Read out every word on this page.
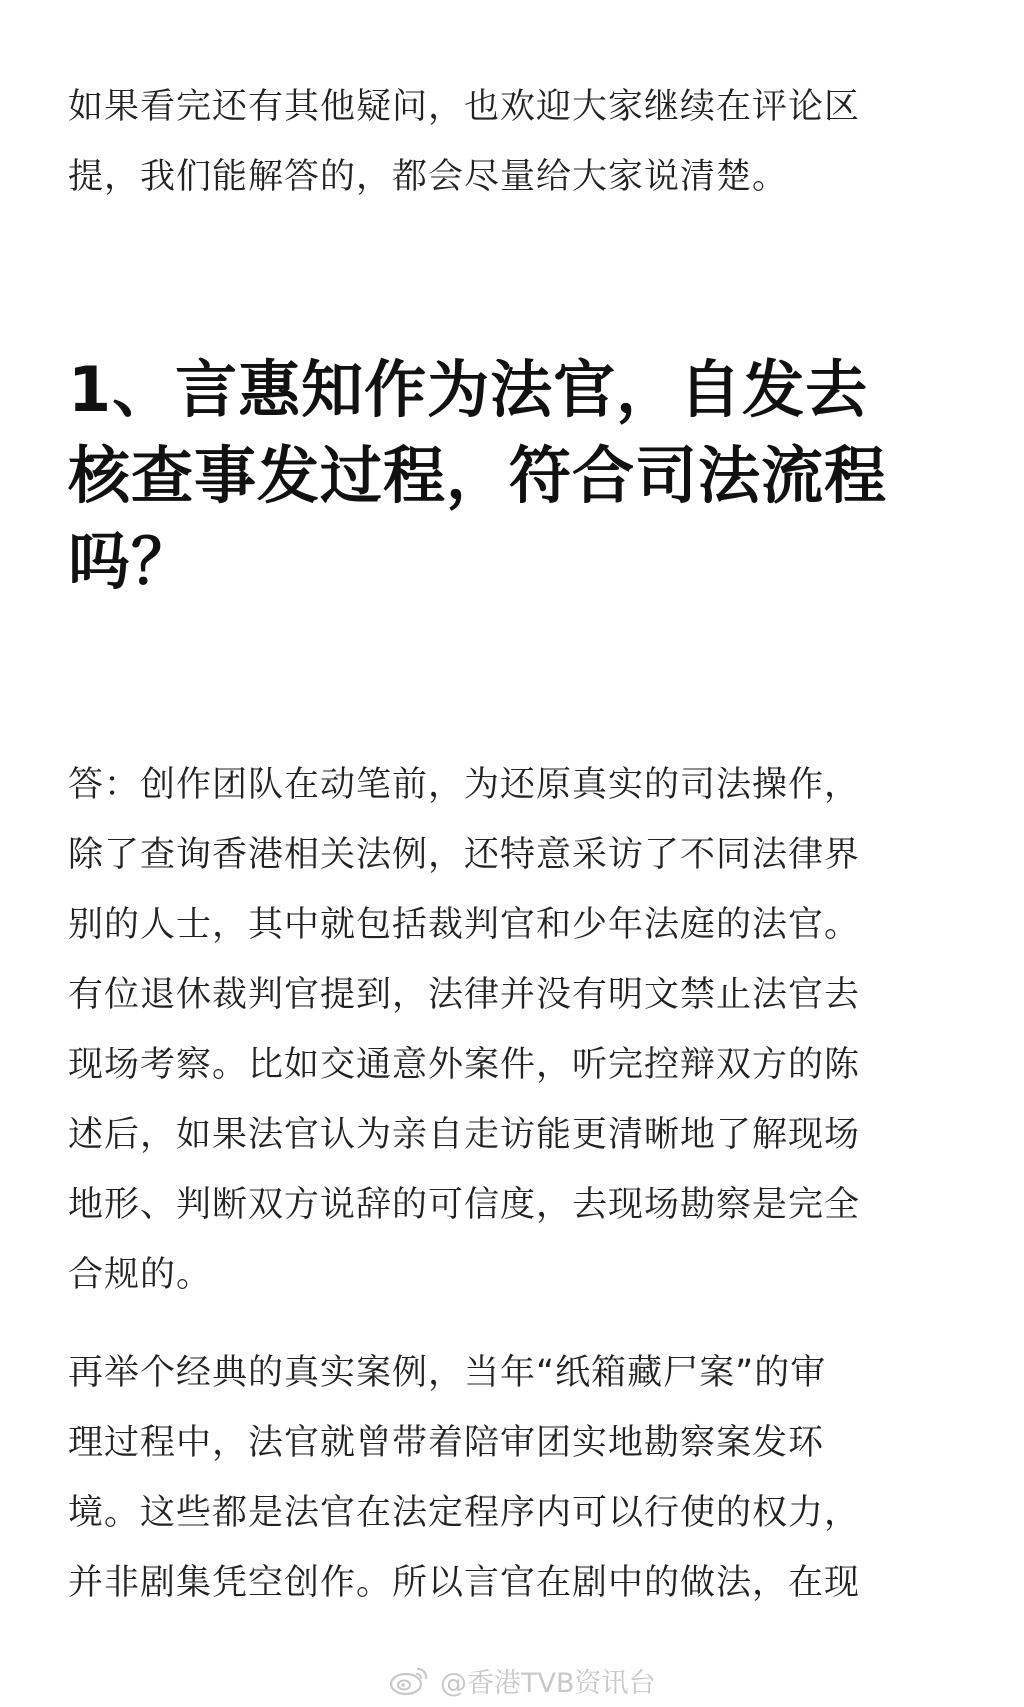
如果看完还有其他疑问，也欢迎大家继续在评论区
提，我们能解答的，都会尽量给大家说清楚。

1、言惠知作为法官，自发去
核查事发过程，符合司法流程
吗？

答：创作团队在动笔前，为还原真实的司法操作，
除了查询香港相关法例，还特意采访了不同法律界
别的人士，其中就包括裁判官和少年法庭的法官。
有位退休裁判官提到，法律并没有明文禁止法官去
现场考察。比如交通意外案件，听完控辩双方的陈
述后，如果法官认为亲自走访能更清晰地了解现场
地形、判断双方说辞的可信度，去现场勘察是完全
合规的。

再举个经典的真实案例，当年“纸箱藏尸案”的审
理过程中，法官就曾带着陪审团实地勘察案发环
境。这些都是法官在法定程序内可以行使的权力，
并非剧集凭空创作。所以言官在剧中的做法，在现

@香港TVB资讯台
